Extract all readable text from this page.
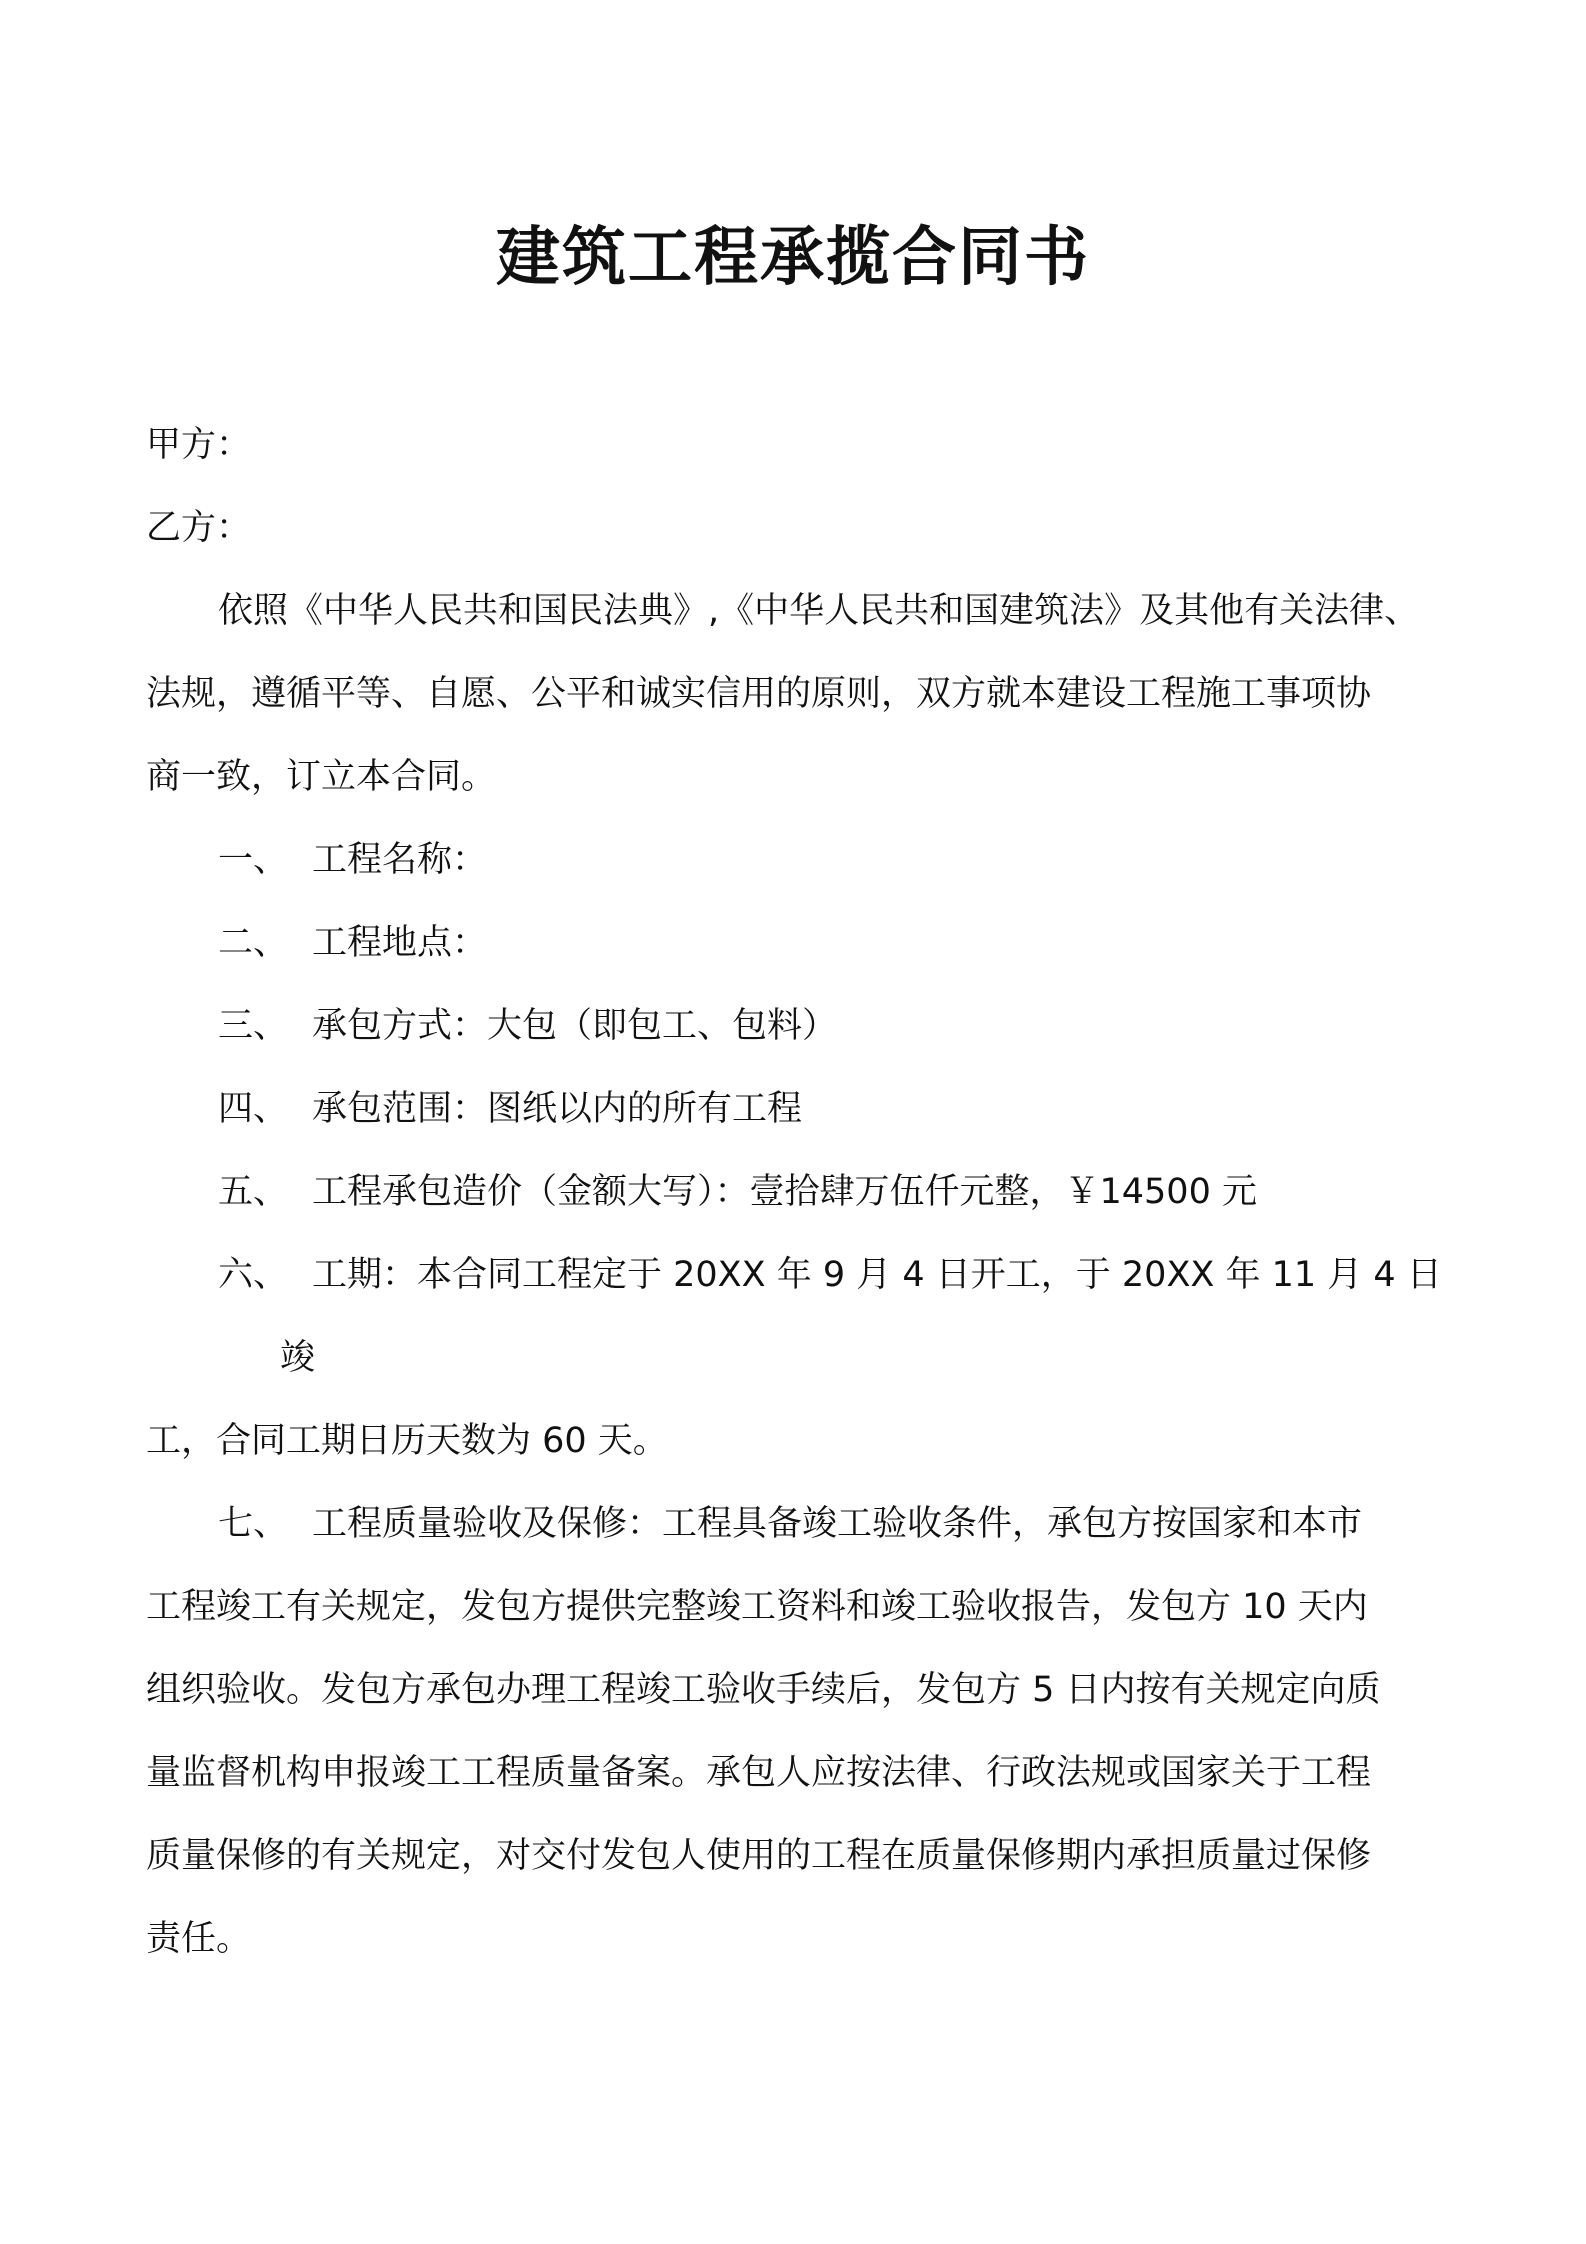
建筑工程承揽合同书
甲方：
乙方：
依照《中华人民共和国民法典》,《中华人民共和国建筑法》及其他有关法律、
法规，遵循平等、自愿、公平和诚实信用的原则，双方就本建设工程施工事项协
商一致，订立本合同。
一、 工程名称：
二、 工程地点：
三、 承包方式：大包（即包工、包料）
四、 承包范围：图纸以内的所有工程
五、 工程承包造价（金额大写）：壹拾肆万伍仟元整，￥14500 元
六、 工期：本合同工程定于 20XX 年 9 月 4 日开工，于 20XX 年 11 月 4 日
竣
工，合同工期日历天数为 60 天。
七、 工程质量验收及保修：工程具备竣工验收条件，承包方按国家和本市
工程竣工有关规定，发包方提供完整竣工资料和竣工验收报告，发包方 10 天内
组织验收。发包方承包办理工程竣工验收手续后，发包方 5 日内按有关规定向质
量监督机构申报竣工工程质量备案。承包人应按法律、行政法规或国家关于工程
质量保修的有关规定，对交付发包人使用的工程在质量保修期内承担质量过保修
责任。
